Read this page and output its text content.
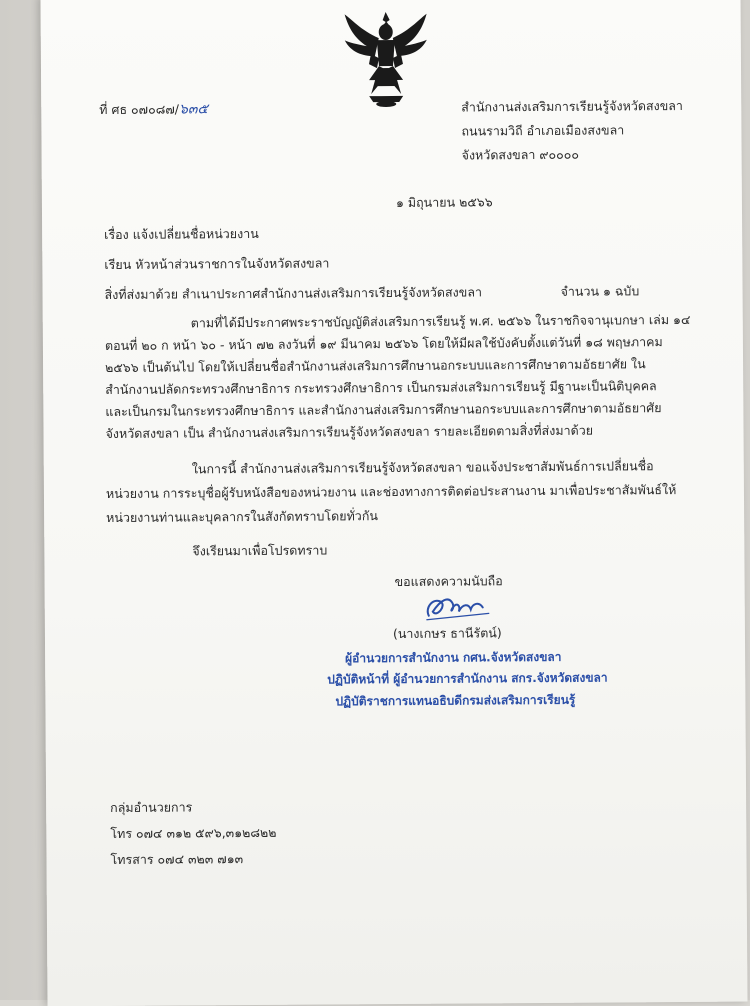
ที่ ศธ ๐๗๐๘๗/๖๓๕	สำนักงานส่งเสริมการเรียนรู้จังหวัดสงขลา
ถนนรามวิถี อำเภอเมืองสงขลา
จังหวัดสงขลา ๙๐๐๐๐
๑ มิถุนายน ๒๕๖๖
เรื่อง แจ้งเปลี่ยนชื่อหน่วยงาน
เรียน หัวหน้าส่วนราชการในจังหวัดสงขลา
สิ่งที่ส่งมาด้วย สำเนาประกาศสำนักงานส่งเสริมการเรียนรู้จังหวัดสงขลา	จำนวน ๑ ฉบับ
ตามที่ได้มีประกาศพระราชบัญญัติส่งเสริมการเรียนรู้ พ.ศ. ๒๕๖๖ ในราชกิจจานุเบกษา เล่ม ๑๔
ตอนที่ ๒๐ ก หน้า ๖๐ - หน้า ๗๒ ลงวันที่ ๑๙ มีนาคม ๒๕๖๖ โดยให้มีผลใช้บังคับตั้งแต่วันที่ ๑๘ พฤษภาคม
๒๕๖๖ เป็นต้นไป โดยให้เปลี่ยนชื่อสำนักงานส่งเสริมการศึกษานอกระบบและการศึกษาตามอัธยาศัย ใน
สำนักงานปลัดกระทรวงศึกษาธิการ กระทรวงศึกษาธิการ เป็นกรมส่งเสริมการเรียนรู้ มีฐานะเป็นนิติบุคคล
และเป็นกรมในกระทรวงศึกษาธิการ และสำนักงานส่งเสริมการศึกษานอกระบบและการศึกษาตามอัธยาศัย
จังหวัดสงขลา เป็น สำนักงานส่งเสริมการเรียนรู้จังหวัดสงขลา รายละเอียดตามสิ่งที่ส่งมาด้วย
ในการนี้ สำนักงานส่งเสริมการเรียนรู้จังหวัดสงขลา ขอแจ้งประชาสัมพันธ์การเปลี่ยนชื่อ
หน่วยงาน การระบุชื่อผู้รับหนังสือของหน่วยงาน และช่องทางการติดต่อประสานงาน มาเพื่อประชาสัมพันธ์ให้
หน่วยงานท่านและบุคลากรในสังกัดทราบโดยทั่วกัน
จึงเรียนมาเพื่อโปรดทราบ
ขอแสดงความนับถือ
(นางเกษร ธานีรัตน์)
ผู้อำนวยการสำนักงาน กศน.จังหวัดสงขลา
ปฏิบัติหน้าที่ ผู้อำนวยการสำนักงาน สกร.จังหวัดสงขลา
ปฏิบัติราชการแทนอธิบดีกรมส่งเสริมการเรียนรู้
กลุ่มอำนวยการ
โทร ๐๗๔ ๓๑๒ ๕๙๖,๓๑๒๘๒๒
โทรสาร ๐๗๔ ๓๒๓ ๗๑๓
